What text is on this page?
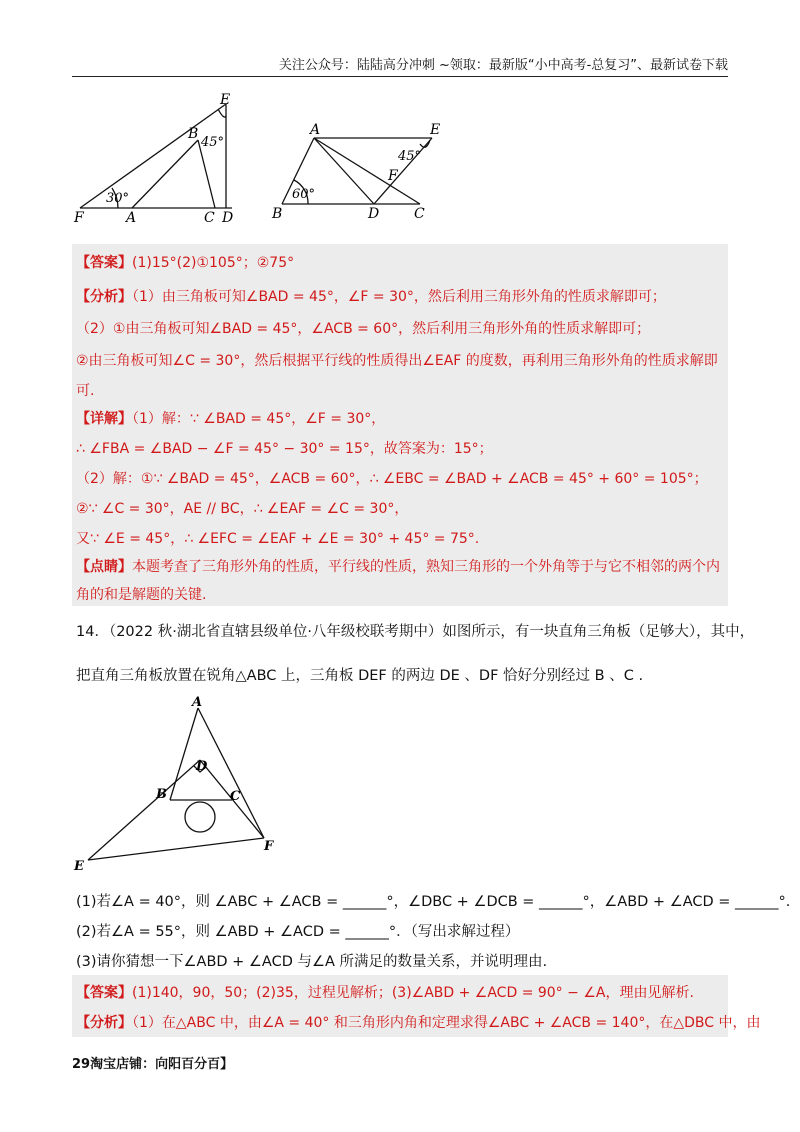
关注公众号：陆陆高分冲刺 ~领取：最新版“小中高考-总复习”、最新试卷下载
E
B
45°
30°
F	A	C D
A	E
45°
F
60°
B	D C
【答案】(1)15°(2)①105°；②75°
【分析】（1）由三角板可知∠BAD = 45°，∠F = 30°，然后利用三角形外角的性质求解即可；
（2）①由三角板可知∠BAD = 45°，∠ACB = 60°，然后利用三角形外角的性质求解即可；
②由三角板可知∠C = 30°，然后根据平行线的性质得出∠EAF 的度数，再利用三角形外角的性质求解即
可.
【详解】（1）解：∵ ∠BAD = 45°，∠F = 30°，
∴ ∠FBA = ∠BAD − ∠F = 45° − 30° = 15°，故答案为：15°；
（2）解：①∵ ∠BAD = 45°，∠ACB = 60°，∴ ∠EBC = ∠BAD + ∠ACB = 45° + 60° = 105°；
②∵ ∠C = 30°，AE // BC，∴ ∠EAF = ∠C = 30°，
又∵ ∠E = 45°，∴ ∠EFC = ∠EAF + ∠E = 30° + 45° = 75°.
【点睛】本题考查了三角形外角的性质，平行线的性质，熟知三角形的一个外角等于与它不相邻的两个内
角的和是解题的关键.
14．（2022 秋·湖北省直辖县级单位·八年级校联考期中）如图所示，有一块直角三角板（足够大），其中，
把直角三角板放置在锐角△ABC 上，三角板 DEF 的两边 DE 、DF 恰好分别经过 B 、C .
A
D
B	C
E
F
(1)若∠A = 40°，则 ∠ABC + ∠ACB = ______°，∠DBC + ∠DCB = ______°，∠ABD + ∠ACD = ______°.
(2)若∠A = 55°，则 ∠ABD + ∠ACD = ______°．（写出求解过程）
(3)请你猜想一下∠ABD + ∠ACD 与∠A 所满足的数量关系，并说明理由.
【答案】(1)140，90，50；(2)35，过程见解析；(3)∠ABD + ∠ACD = 90° − ∠A，理由见解析.
【分析】（1）在△ABC 中，由∠A = 40° 和三角形内角和定理求得∠ABC + ∠ACB = 140°，在△DBC 中，由
29淘宝店铺：向阳百分百】
